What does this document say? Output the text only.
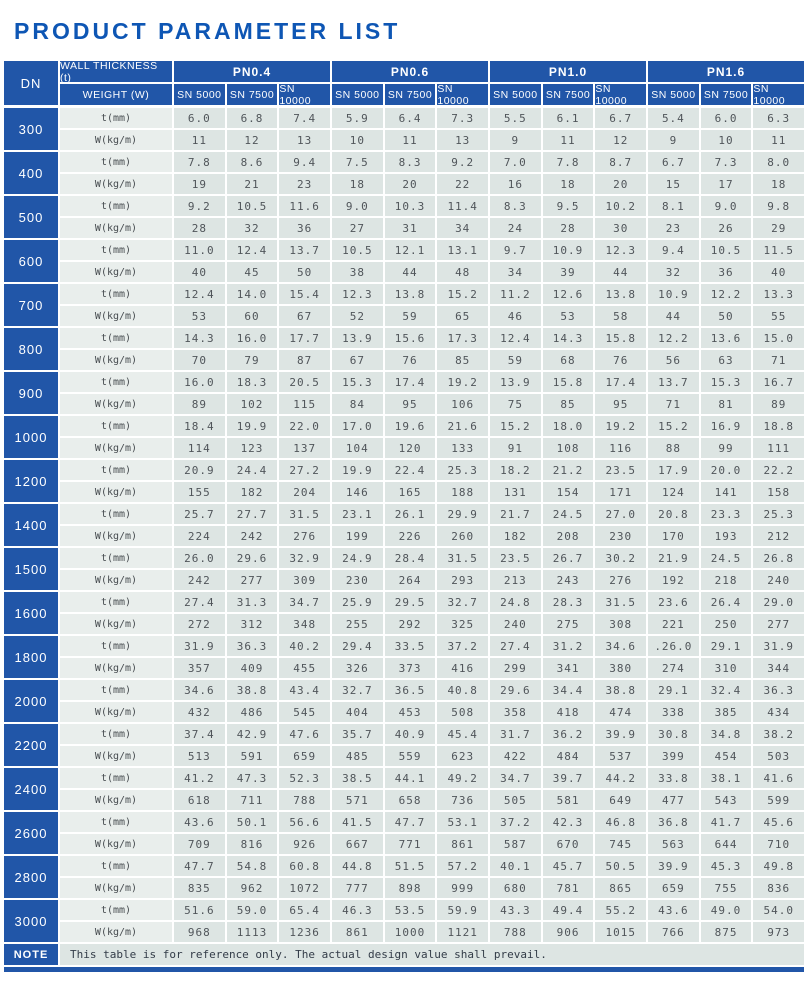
PRODUCT PARAMETER LIST
DN
WALL THICKNESS (t)	PN0.4	PN0.6	PN1.0	PN1.6
WEIGHT (W)	SN 5000 SN 7500 SN 10000	SN 5000 SN 7500 SN 10000	SN 5000 SN 7500 SN 10000	SN 5000 SN 7500 SN 10000
300
t(mm)	6.0	6.8	7.4	5.9	6.4	7.3	5.5	6.1	6.7	5.4	6.0	6.3
W(kg/m)	11	12	13	10	11	13	9	11	12	9	10	11
400
t(mm)	7.8	8.6	9.4	7.5	8.3	9.2	7.0	7.8	8.7	6.7	7.3	8.0
W(kg/m)	19	21	23	18	20	22	16	18	20	15	17	18
500
t(mm)	9.2	10.5	11.6	9.0	10.3	11.4	8.3	9.5	10.2	8.1	9.0	9.8
W(kg/m)	28	32	36	27	31	34	24	28	30	23	26	29
600
t(mm)	11.0	12.4	13.7	10.5	12.1	13.1	9.7	10.9	12.3	9.4	10.5	11.5
W(kg/m)	40	45	50	38	44	48	34	39	44	32	36	40
700
t(mm)	12.4	14.0	15.4	12.3	13.8	15.2	11.2	12.6	13.8	10.9	12.2	13.3
W(kg/m)	53	60	67	52	59	65	46	53	58	44	50	55
800
t(mm)	14.3	16.0	17.7	13.9	15.6	17.3	12.4	14.3	15.8	12.2	13.6	15.0
W(kg/m)	70	79	87	67	76	85	59	68	76	56	63	71
900
t(mm)	16.0	18.3	20.5	15.3	17.4	19.2	13.9	15.8	17.4	13.7	15.3	16.7
W(kg/m)	89	102	115	84	95	106	75	85	95	71	81	89
1000
t(mm)	18.4	19.9	22.0	17.0	19.6	21.6	15.2	18.0	19.2	15.2	16.9	18.8
W(kg/m)	114	123	137	104	120	133	91	108	116	88	99	111
1200
t(mm)	20.9	24.4	27.2	19.9	22.4	25.3	18.2	21.2	23.5	17.9	20.0	22.2
W(kg/m)	155	182	204	146	165	188	131	154	171	124	141	158
1400
t(mm)	25.7	27.7	31.5	23.1	26.1	29.9	21.7	24.5	27.0	20.8	23.3	25.3
W(kg/m)	224	242	276	199	226	260	182	208	230	170	193	212
1500
t(mm)	26.0	29.6	32.9	24.9	28.4	31.5	23.5	26.7	30.2	21.9	24.5	26.8
W(kg/m)	242	277	309	230	264	293	213	243	276	192	218	240
1600
t(mm)	27.4	31.3	34.7	25.9	29.5	32.7	24.8	28.3	31.5	23.6	26.4	29.0
W(kg/m)	272	312	348	255	292	325	240	275	308	221	250	277
1800
t(mm)	31.9	36.3	40.2	29.4	33.5	37.2	27.4	31.2	34.6	.26.0	29.1	31.9
W(kg/m)	357	409	455	326	373	416	299	341	380	274	310	344
2000
t(mm)	34.6	38.8	43.4	32.7	36.5	40.8	29.6	34.4	38.8	29.1	32.4	36.3
W(kg/m)	432	486	545	404	453	508	358	418	474	338	385	434
2200
t(mm)	37.4	42.9	47.6	35.7	40.9	45.4	31.7	36.2	39.9	30.8	34.8	38.2
W(kg/m)	513	591	659	485	559	623	422	484	537	399	454	503
2400
t(mm)	41.2	47.3	52.3	38.5	44.1	49.2	34.7	39.7	44.2	33.8	38.1	41.6
W(kg/m)	618	711	788	571	658	736	505	581	649	477	543	599
2600
t(mm)	43.6	50.1	56.6	41.5	47.7	53.1	37.2	42.3	46.8	36.8	41.7	45.6
W(kg/m)	709	816	926	667	771	861	587	670	745	563	644	710
2800
t(mm)	47.7	54.8	60.8	44.8	51.5	57.2	40.1	45.7	50.5	39.9	45.3	49.8
W(kg/m)	835	962	1072	777	898	999	680	781	865	659	755	836
3000
t(mm)	51.6	59.0	65.4	46.3	53.5	59.9	43.3	49.4	55.2	43.6	49.0	54.0
W(kg/m)	968	1113	1236	861	1000	1121	788	906	1015	766	875	973
NOTE	This table is for reference only. The actual design value shall prevail.
